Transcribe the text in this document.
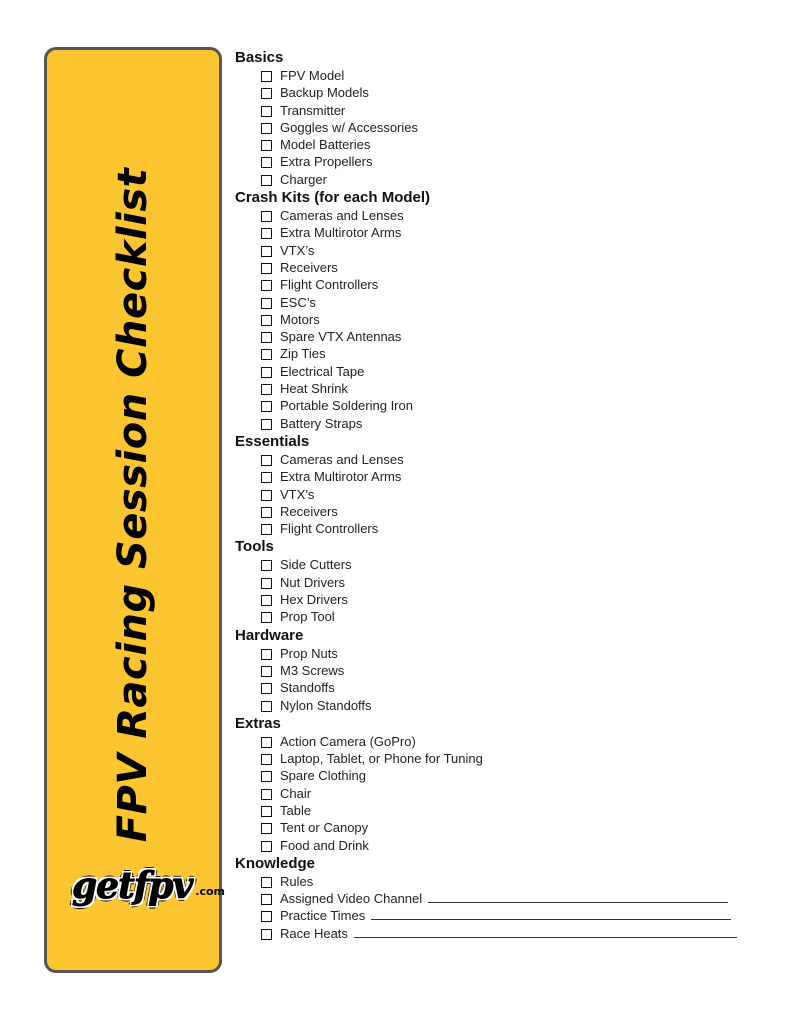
FPV Racing Session Checklist
getfpv .com
Basics
FPV Model
Backup Models
Transmitter
Goggles w/ Accessories
Model Batteries
Extra Propellers
Charger
Crash Kits (for each Model)
Cameras and Lenses
Extra Multirotor Arms
VTX’s
Receivers
Flight Controllers
ESC’s
Motors
Spare VTX Antennas
Zip Ties
Electrical Tape
Heat Shrink
Portable Soldering Iron
Battery Straps
Essentials
Cameras and Lenses
Extra Multirotor Arms
VTX’s
Receivers
Flight Controllers
Tools
Side Cutters
Nut Drivers
Hex Drivers
Prop Tool
Hardware
Prop Nuts
M3 Screws
Standoffs
Nylon Standoffs
Extras
Action Camera (GoPro)
Laptop, Tablet, or Phone for Tuning
Spare Clothing
Chair
Table
Tent or Canopy
Food and Drink
Knowledge
Rules
Assigned Video Channel
Practice Times
Race Heats
